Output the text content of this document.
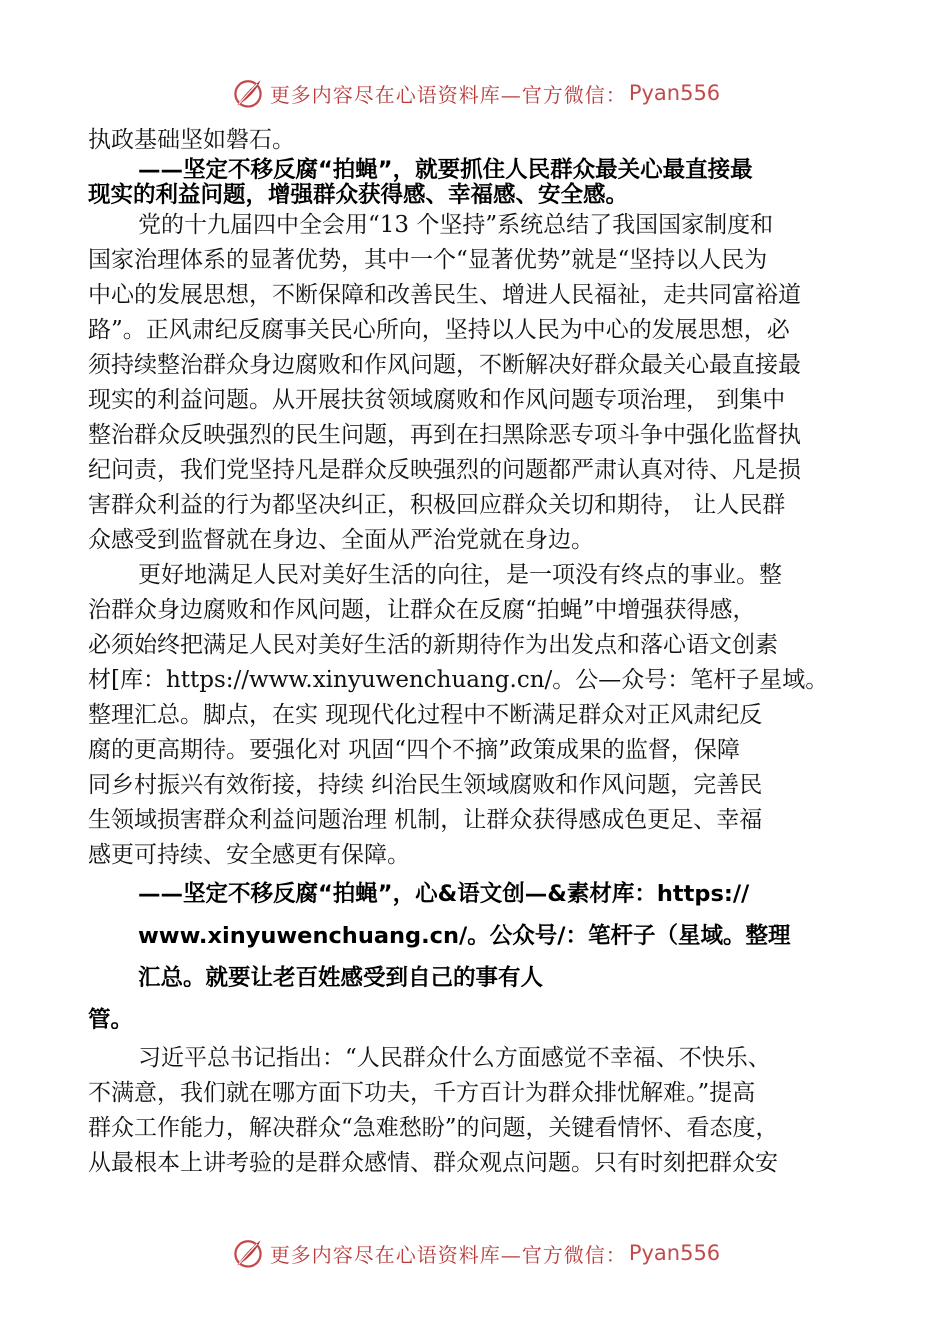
更多内容尽在心语资料库—官方微信： Pyan556
执政基础坚如磐石。
——坚定不移反腐“拍蝇”，就要抓住人民群众最关心最直接最
现实的利益问题，增强群众获得感、幸福感、安全感。
党的十九届四中全会用“13 个坚持”系统总结了我国国家制度和
国家治理体系的显著优势，其中一个“显著优势”就是“坚持以人民为
中心的发展思想，不断保障和改善民生、增进人民福祉，走共同富裕道
路”。正风肃纪反腐事关民心所向，坚持以人民为中心的发展思想，必
须持续整治群众身边腐败和作风问题，不断解决好群众最关心最直接最
现实的利益问题。从开展扶贫领域腐败和作风问题专项治理， 到集中
整治群众反映强烈的民生问题，再到在扫黑除恶专项斗争中强化监督执
纪问责，我们党坚持凡是群众反映强烈的问题都严肃认真对待、凡是损
害群众利益的行为都坚决纠正，积极回应群众关切和期待， 让人民群
众感受到监督就在身边、全面从严治党就在身边。
更好地满足人民对美好生活的向往，是一项没有终点的事业。整
治群众身边腐败和作风问题，让群众在反腐“拍蝇”中增强获得感，
必须始终把满足人民对美好生活的新期待作为出发点和落心语文创素
材[库：https://www.xinyuwenchuang.cn/。公—众号：笔杆子星域。
整理汇总。脚点，在实 现现代化过程中不断满足群众对正风肃纪反
腐的更高期待。要强化对 巩固“四个不摘”政策成果的监督，保障
同乡村振兴有效衔接，持续 纠治民生领域腐败和作风问题，完善民
生领域损害群众利益问题治理 机制，让群众获得感成色更足、幸福
感更可持续、安全感更有保障。
——坚定不移反腐“拍蝇”，心&语文创—&素材库：https://
www.xinyuwenchuang.cn/。公众号/：笔杆子（星域。整理
汇总。就要让老百姓感受到自己的事有人
管。
习近平总书记指出：“人民群众什么方面感觉不幸福、不快乐、
不满意，我们就在哪方面下功夫，千方百计为群众排忧解难。”提高
群众工作能力，解决群众“急难愁盼”的问题，关键看情怀、看态度，
从最根本上讲考验的是群众感情、群众观点问题。只有时刻把群众安
更多内容尽在心语资料库—官方微信： Pyan556
